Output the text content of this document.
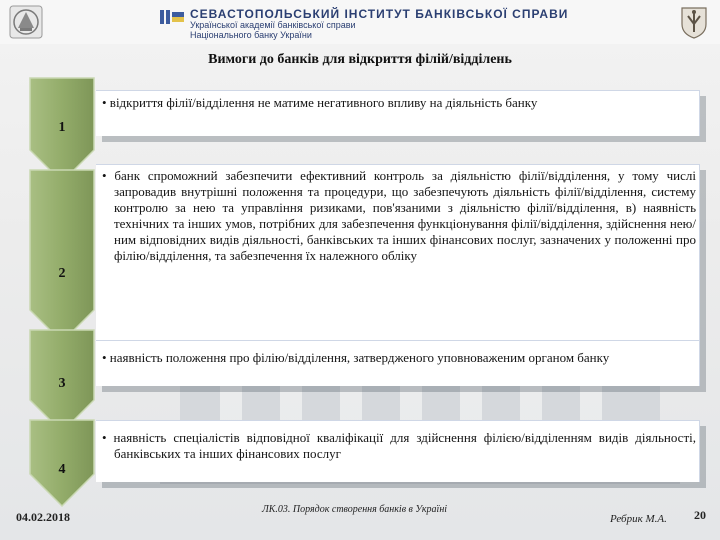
СЕВАСТОПОЛЬСЬКИЙ ІНСТИТУТ БАНКІВСЬКОЇ СПРАВИ
Української академії банківської справи
Національного банку України
Вимоги до банків для відкриття філій/відділень
1
2
3
4

• відкриття філії/відділення не матиме негативного впливу на діяльність банку

• банк спроможний забезпечити ефективний контроль за діяльністю філії/відділення, у тому числі запровадив внутрішні положення та процедури, що забезпечують діяльність філії/відділення, систему контролю за нею та управління ризиками, пов'язаними з діяльністю філії/відділення, в) наявність технічних та інших умов, потрібних для забезпечення функціонування філії/відділення, здійснення нею/ним відповідних видів діяльності, банківських та інших фінансових послуг, зазначених у положенні про філію/відділення, та забезпечення їх належного обліку

• наявність положення про філію/відділення, затвердженого уповноваженим органом банку

• наявність спеціалістів відповідної кваліфікації для здійснення філією/відділенням видів діяльності, банківських та інших фінансових послуг

04.02.2018
ЛК.03. Порядок створення банків в Україні
Ребрик М.А. 20
